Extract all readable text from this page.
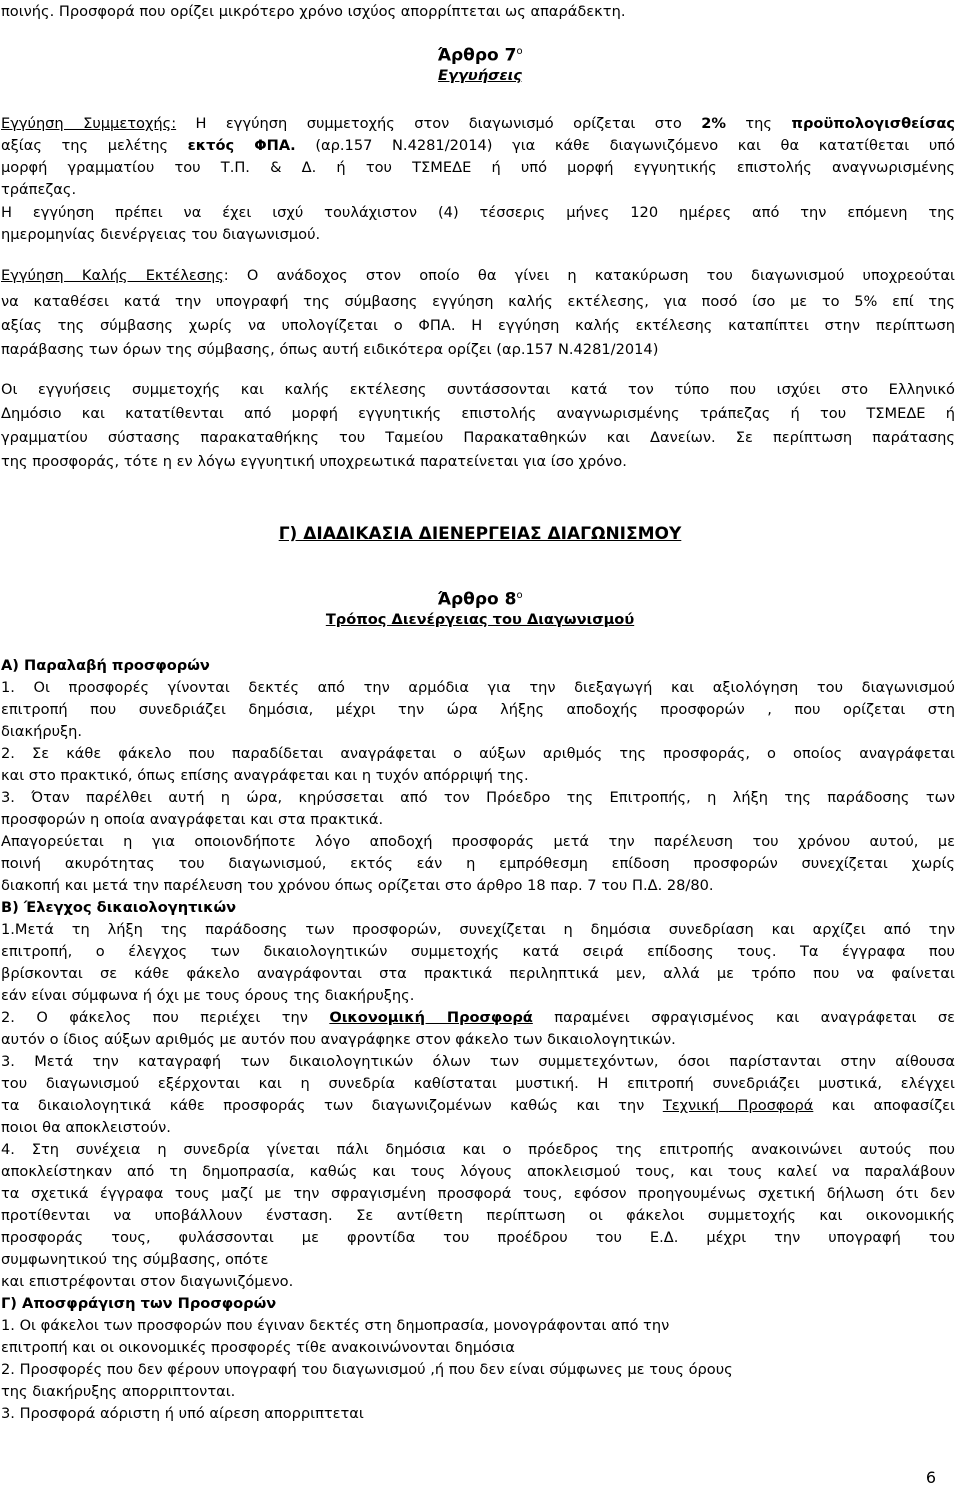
ποινής. Προσφορά που ορίζει μικρότερο χρόνο ισχύος απορρίπτεται ως απαράδεκτη.
Άρθρο $7^o$
Εγγυήσεις
Εγγύηση Συμμετοχής: Η εγγύηση συμμετοχής στον διαγωνισμό ορίζεται στο 2% της προϋπολογισθείσας
αξίας της μελέτης εκτός ΦΠΑ. (αρ.157 Ν.4281/2014) για κάθε διαγωνιζόμενο και θα κατατίθεται υπό
μορφή γραμματίου του Τ.Π. & Δ. ή του ΤΣΜΕΔΕ ή υπό μορφή εγγυητικής επιστολής αναγνωρισμένης
τράπεζας.
Η εγγύηση πρέπει να έχει ισχύ τουλάχιστον (4) τέσσερις μήνες 120 ημέρες από την επόμενη της
ημερομηνίας διενέργειας του διαγωνισμού.
Εγγύηση Καλής Εκτέλεσης: Ο ανάδοχος στον οποίο θα γίνει η κατακύρωση του διαγωνισμού υποχρεούται
να καταθέσει κατά την υπογραφή της σύμβασης εγγύηση καλής εκτέλεσης, για ποσό ίσο με το 5% επί της
αξίας της σύμβασης χωρίς να υπολογίζεται ο ΦΠΑ. Η εγγύηση καλής εκτέλεσης καταπίπτει στην περίπτωση
παράβασης των όρων της σύμβασης, όπως αυτή ειδικότερα ορίζει (αρ.157 Ν.4281/2014)
Οι εγγυήσεις συμμετοχής και καλής εκτέλεσης συντάσσονται κατά τον τύπο που ισχύει στο Ελληνικό
Δημόσιο και κατατίθενται από μορφή εγγυητικής επιστολής αναγνωρισμένης τράπεζας ή του ΤΣΜΕΔΕ ή
γραμματίου σύστασης παρακαταθήκης του Ταμείου Παρακαταθηκών και Δανείων. Σε περίπτωση παράτασης
της προσφοράς, τότε η εν λόγω εγγυητική υποχρεωτικά παρατείνεται για ίσο χρόνο.
Γ) ΔΙΑΔΙΚΑΣΙΑ ΔΙΕΝΕΡΓΕΙΑΣ ΔΙΑΓΩΝΙΣΜΟΥ
Άρθρο $8^o$
Τρόπος Διενέργειας του Διαγωνισμού
Α) Παραλαβή προσφορών
1. Οι προσφορές γίνονται δεκτές από την αρμόδια για την διεξαγωγή και αξιολόγηση του διαγωνισμού
επιτροπή που συνεδριάζει δημόσια, μέχρι την ώρα λήξης αποδοχής προσφορών , που ορίζεται στη
διακήρυξη.
2. Σε κάθε φάκελο που παραδίδεται αναγράφεται ο αύξων αριθμός της προσφοράς, ο οποίος αναγράφεται
και στο πρακτικό, όπως επίσης αναγράφεται και η τυχόν απόρριψή της.
3. Όταν παρέλθει αυτή η ώρα, κηρύσσεται από τον Πρόεδρο της Επιτροπής, η λήξη της παράδοσης των
προσφορών η οποία αναγράφεται και στα πρακτικά.
Απαγορεύεται η για οποιονδήποτε λόγο αποδοχή προσφοράς μετά την παρέλευση του χρόνου αυτού, με
ποινή ακυρότητας του διαγωνισμού, εκτός εάν η εμπρόθεσμη επίδοση προσφορών συνεχίζεται χωρίς
διακοπή και μετά την παρέλευση του χρόνου όπως ορίζεται στο άρθρο 18 παρ. 7 του Π.Δ. 28/80.
Β) Έλεγχος δικαιολογητικών
1.Μετά τη λήξη της παράδοσης των προσφορών, συνεχίζεται η δημόσια συνεδρίαση και αρχίζει από την
επιτροπή, ο έλεγχος των δικαιολογητικών συμμετοχής κατά σειρά επίδοσης τους. Τα έγγραφα που
βρίσκονται σε κάθε φάκελο αναγράφονται στα πρακτικά περιληπτικά μεν, αλλά με τρόπο που να φαίνεται
εάν είναι σύμφωνα ή όχι με τους όρους της διακήρυξης.
2. Ο φάκελος που περιέχει την Οικονομική Προσφορά παραμένει σφραγισμένος και αναγράφεται σε
αυτόν ο ίδιος αύξων αριθμός με αυτόν που αναγράφηκε στον φάκελο των δικαιολογητικών.
3. Μετά την καταγραφή των δικαιολογητικών όλων των συμμετεχόντων, όσοι παρίστανται στην αίθουσα
του διαγωνισμού εξέρχονται και η συνεδρία καθίσταται μυστική. Η επιτροπή συνεδριάζει μυστικά, ελέγχει
τα δικαιολογητικά κάθε προσφοράς των διαγωνιζομένων καθώς και την Τεχνική Προσφορά και αποφασίζει
ποιοι θα αποκλειστούν.
4. Στη συνέχεια η συνεδρία γίνεται πάλι δημόσια και ο πρόεδρος της επιτροπής ανακοινώνει αυτούς που
αποκλείστηκαν από τη δημοπρασία, καθώς και τους λόγους αποκλεισμού τους, και τους καλεί να παραλάβουν
τα σχετικά έγγραφα τους μαζί με την σφραγισμένη προσφορά τους, εφόσον προηγουμένως σχετική δήλωση ότι δεν
προτίθενται να υποβάλλουν ένσταση. Σε αντίθετη περίπτωση οι φάκελοι συμμετοχής και οικονομικής
προσφοράς τους, φυλάσσονται με φροντίδα του προέδρου του Ε.Δ. μέχρι την υπογραφή του
συμφωνητικού της σύμβασης, οπότε
και επιστρέφονται στον διαγωνιζόμενο.
Γ) Αποσφράγιση των Προσφορών
1. Οι φάκελοι των προσφορών που έγιναν δεκτές στη δημοπρασία, μονογράφονται από την
επιτροπή και οι οικονομικές προσφορές τίθε ανακοινώνονται δημόσια
2. Προσφορές που δεν φέρουν υπογραφή του διαγωνισμού ,ή που δεν είναι σύμφωνες με τους όρους
της διακήρυξης απορριπτονται.
3. Προσφορά αόριστη ή υπό αίρεση απορριπτεται
6
